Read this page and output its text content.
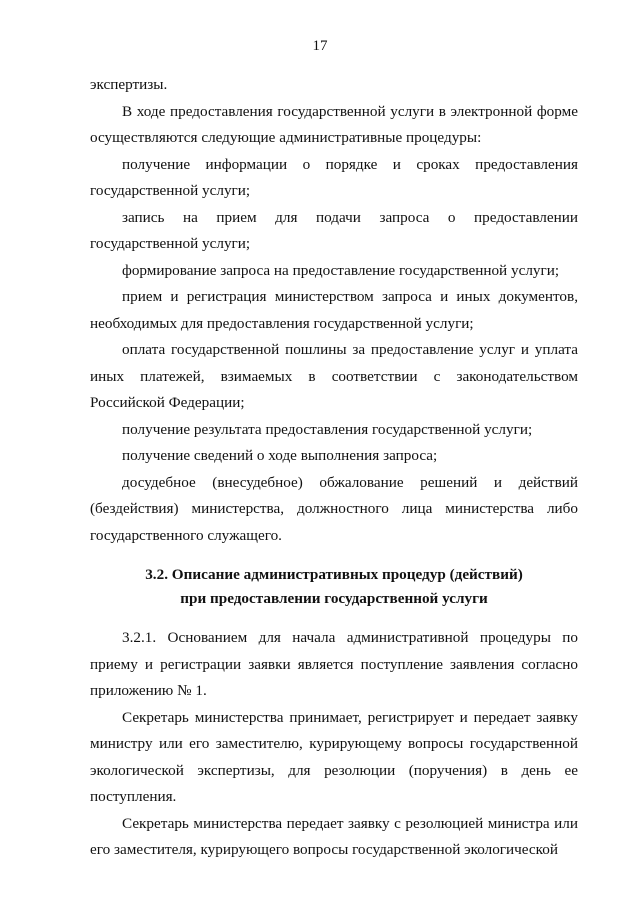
17

экспертизы.

В ходе предоставления государственной услуги в электронной форме осуществляются следующие административные процедуры:

получение информации о порядке и сроках предоставления государственной услуги;

запись на прием для подачи запроса о предоставлении государственной услуги;

формирование запроса на предоставление государственной услуги;

прием и регистрация министерством запроса и иных документов, необходимых для предоставления государственной услуги;

оплата государственной пошлины за предоставление услуг и уплата иных платежей, взимаемых в соответствии с законодательством Российской Федерации;

получение результата предоставления государственной услуги;

получение сведений о ходе выполнения запроса;

досудебное (внесудебное) обжалование решений и действий (бездействия) министерства, должностного лица министерства либо государственного служащего.

3.2. Описание административных процедур (действий)
при предоставлении государственной услуги

3.2.1. Основанием для начала административной процедуры по приему и регистрации заявки является поступление заявления согласно приложению № 1.

Секретарь министерства принимает, регистрирует и передает заявку министру или его заместителю, курирующему вопросы государственной экологической экспертизы, для резолюции (поручения) в день ее поступления.

Секретарь министерства передает заявку с резолюцией министра или его заместителя, курирующего вопросы государственной экологической
